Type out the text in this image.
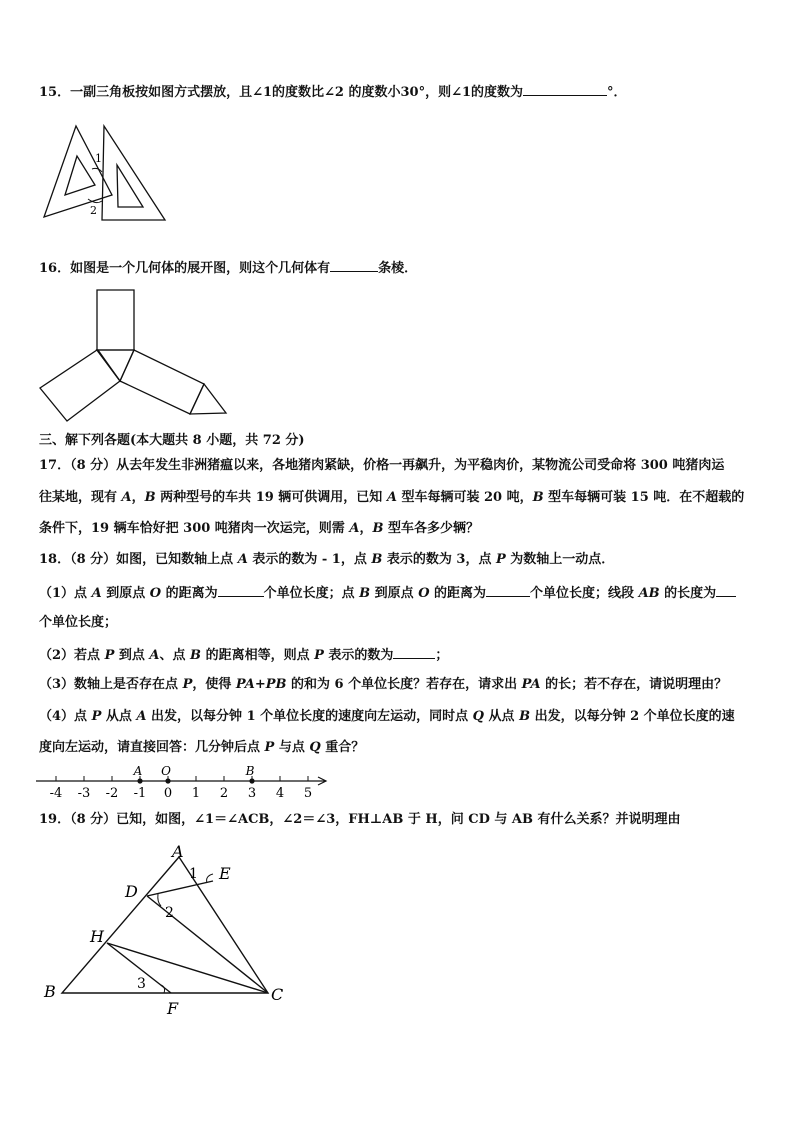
15．一副三角板按如图方式摆放，且∠1的度数比∠2 的度数小30°，则∠1的度数为	°．
1
2
16．如图是一个几何体的展开图，则这个几何体有	条棱．
三、解下列各题(本大题共 8 小题，共 72 分)
17．（8 分）从去年发生非洲猪瘟以来，各地猪肉紧缺，价格一再飙升，为平稳肉价，某物流公司受命将 300 吨猪肉运
往某地，现有 A，B 两种型号的车共 19 辆可供调用，已知 A 型车每辆可装 20 吨，B 型车每辆可装 15 吨．在不超载的
条件下，19 辆车恰好把 300 吨猪肉一次运完，则需 A，B 型车各多少辆？
18．（8 分）如图，已知数轴上点 A 表示的数为 - 1，点 B 表示的数为 3，点 P 为数轴上一动点．
（1）点 A 到原点 O 的距离为	个单位长度；点 B 到原点 O 的距离为	个单位长度；线段 AB 的长度为
个单位长度；
（2）若点 P 到点 A、点 B 的距离相等，则点 P 表示的数为	；
（3）数轴上是否存在点 P，使得 PA+PB 的和为 6 个单位长度？若存在，请求出 PA 的长；若不存在，请说明理由？
（4）点 P 从点 A 出发，以每分钟 1 个单位长度的速度向左运动，同时点 Q 从点 B 出发，以每分钟 2 个单位长度的速
度向左运动，请直接回答：几分钟后点 P 与点 Q 重合？
-4 -3 -2 -1 0 1 2 3 4 5
A O	B
19．（8 分）已知，如图，∠1＝∠ACB，∠2＝∠3，FH⊥AB 于 H，问 CD 与 AB 有什么关系？并说明理由
A
B	C
D
E
H
F
1
2
3
